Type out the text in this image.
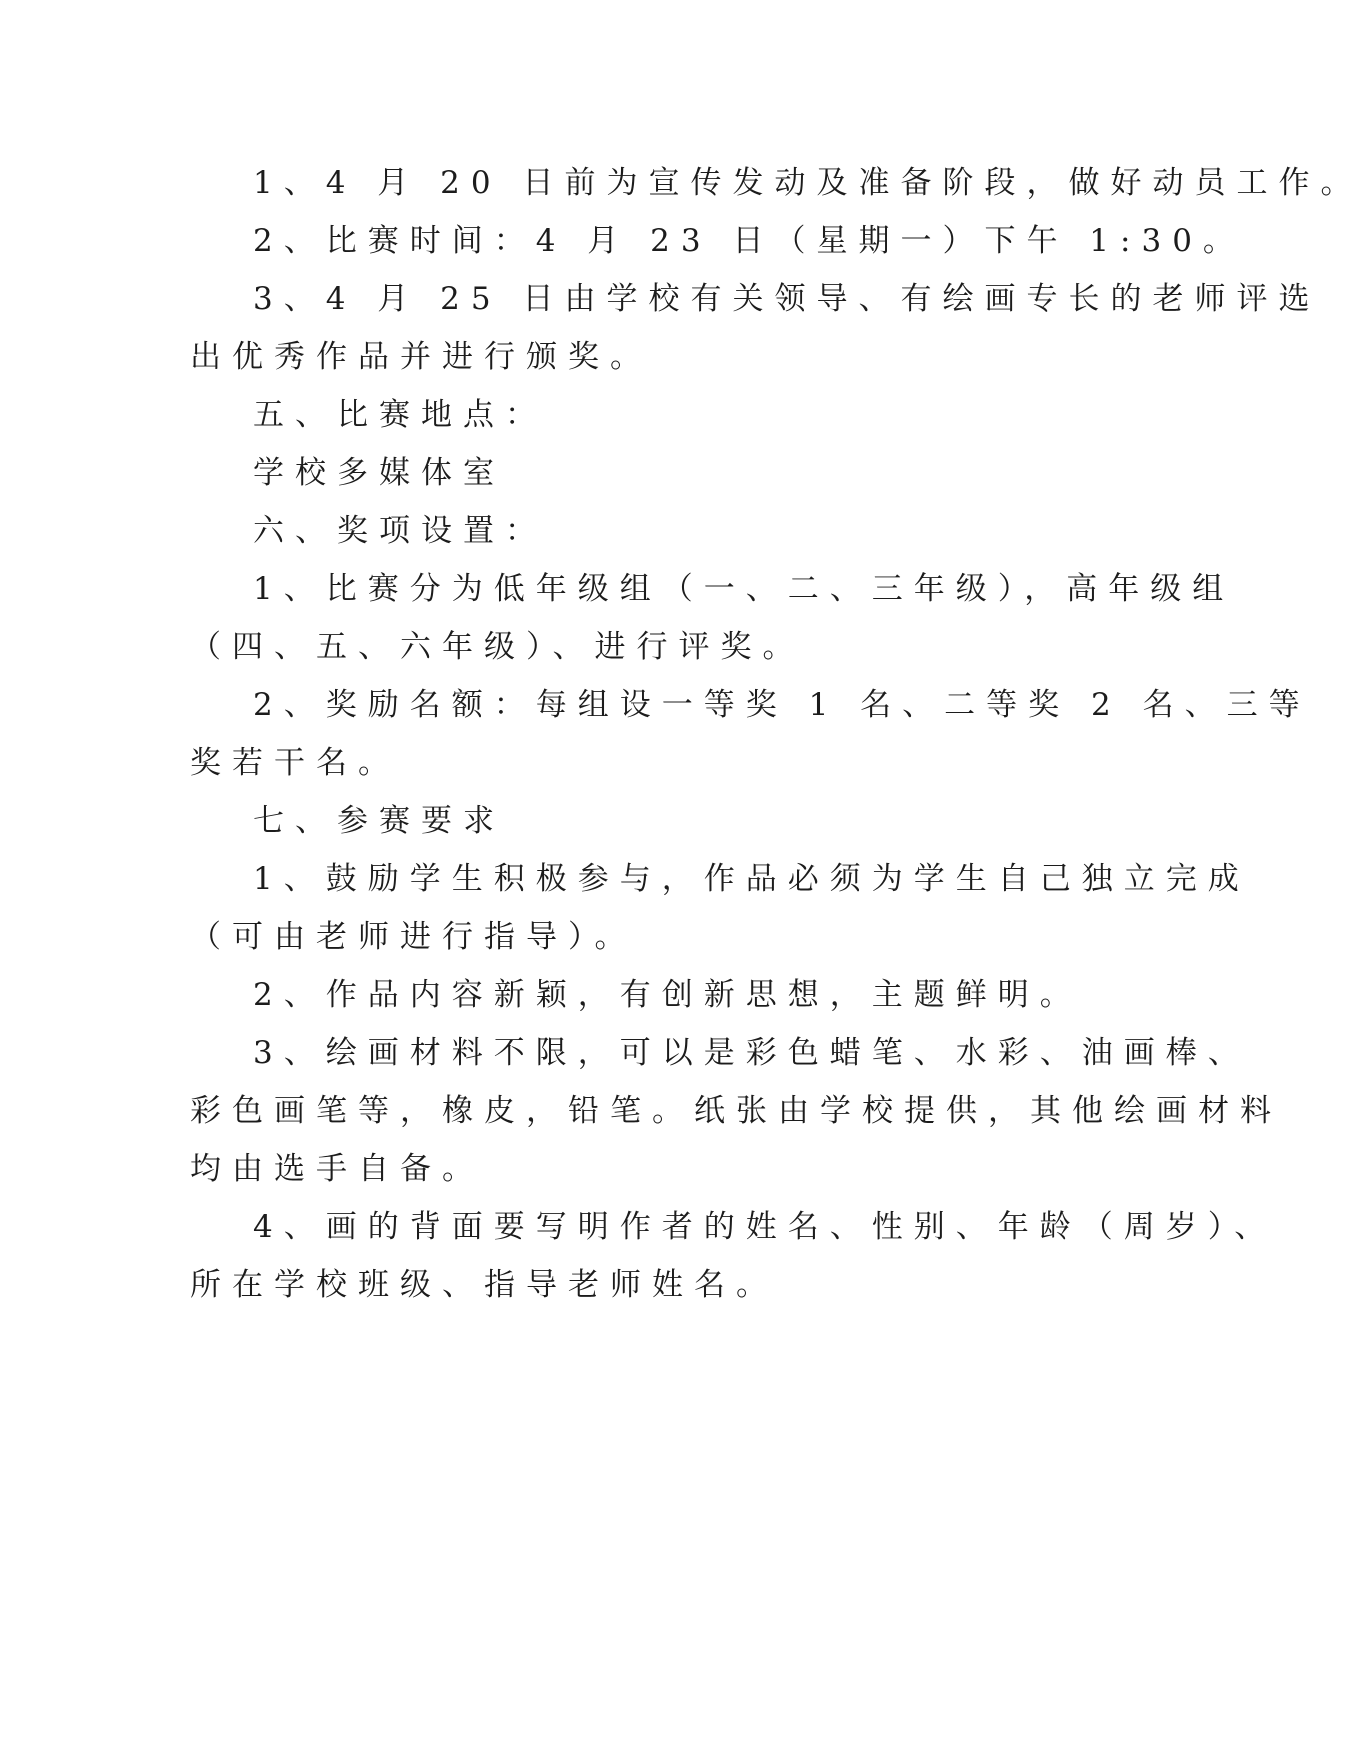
1、4 月 20 日前为宣传发动及准备阶段，做好动员工作。
2、比赛时间：4 月 23 日（星期一）下午 1:30。
3、4 月 25 日由学校有关领导、有绘画专长的老师评选
出优秀作品并进行颁奖。
五、比赛地点：
学校多媒体室
六、奖项设置：
1、比赛分为低年级组（一、二、三年级），高年级组
（四、五、六年级）、进行评奖。
2、奖励名额：每组设一等奖 1 名、二等奖 2 名、三等
奖若干名。
七、参赛要求
1、鼓励学生积极参与，作品必须为学生自己独立完成
（可由老师进行指导）。
2、作品内容新颖，有创新思想，主题鲜明。
3、绘画材料不限，可以是彩色蜡笔、水彩、油画棒、
彩色画笔等，橡皮，铅笔。纸张由学校提供，其他绘画材料
均由选手自备。
4、画的背面要写明作者的姓名、性别、年龄（周岁）、
所在学校班级、指导老师姓名。
